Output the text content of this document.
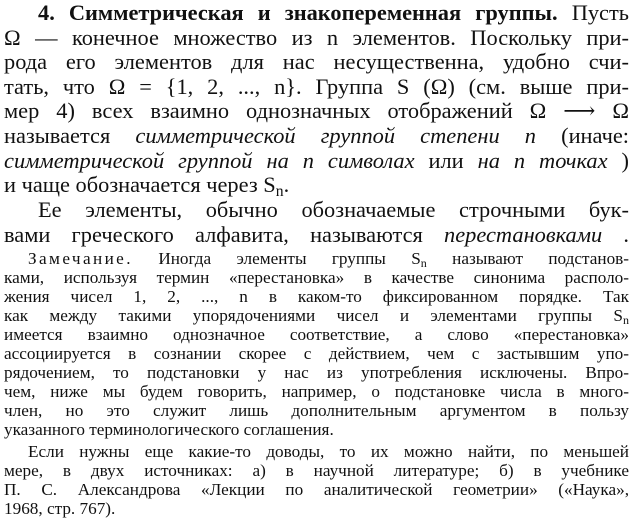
4. Симметрическая и знакопеременная группы. Пусть
Ω — конечное множество из n элементов. Поскольку при-
рода его элементов для нас несущественна, удобно счи-
тать, что Ω = {1, 2, ..., n}. Группа S (Ω) (см. выше при-
мер 4) всех взаимно однозначных отображений Ω ⟶ Ω
называется симметрической группой степени n (иначе:
симметрической группой на n символах или на n точках )
и чаще обозначается через $S_n$.
Ее элементы, обычно обозначаемые строчными бук-
вами греческого алфавита, называются перестановками .
Замечание. Иногда элементы группы $S_n$ называют подстанов-
ками, используя термин «перестановка» в качестве синонима располо-
жения чисел 1, 2, ..., n в каком-то фиксированном порядке. Так
как между такими упорядочениями чисел и элементами группы $S_n$
имеется взаимно однозначное соответствие, а слово «перестановка»
ассоциируется в сознании скорее с действием, чем с застывшим упо-
рядочением, то подстановки у нас из употребления исключены. Впро-
чем, ниже мы будем говорить, например, о подстановке числа в много-
член, но это служит лишь дополнительным аргументом в пользу
указанного терминологического соглашения.
Если нужны еще какие-то доводы, то их можно найти, по меньшей
мере, в двух источниках: а) в научной литературе; б) в учебнике
П. С. Александрова «Лекции по аналитической геометрии» («Наука»,
1968, стр. 767).
